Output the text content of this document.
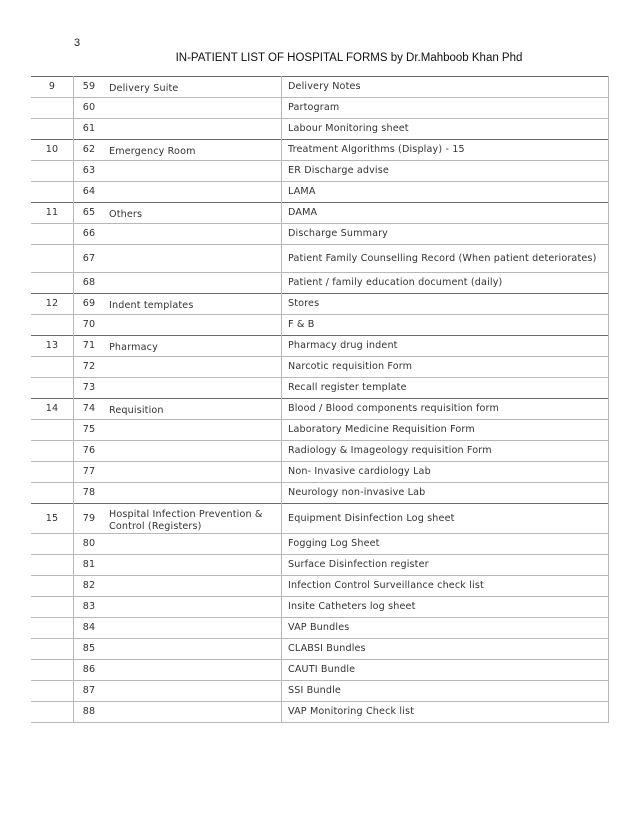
3
IN-PATIENT LIST OF HOSPITAL FORMS by Dr.Mahboob Khan Phd
9	59	Delivery Suite	Delivery Notes

	60		Partogram

	61		Labour Monitoring sheet

10	62	Emergency Room	Treatment Algorithms (Display) - 15

	63		ER Discharge advise

	64		LAMA

11	65	Others	DAMA

	66		Discharge Summary

	67		Patient Family Counselling Record (When patient deteriorates)

	68		Patient / family education document (daily)

12	69	Indent templates	Stores

	70		F & B

13	71	Pharmacy	Pharmacy drug indent

	72		Narcotic requisition Form

	73		Recall register template

14	74	Requisition	Blood / Blood components requisition form

	75		Laboratory Medicine Requisition Form

	76		Radiology & Imageology requisition Form

	77		Non- Invasive cardiology Lab

	78		Neurology non-invasive Lab

15	79	Hospital Infection Prevention & Control (Registers)	Equipment Disinfection Log sheet

	80		Fogging Log Sheet

	81		Surface Disinfection register

	82		Infection Control Surveillance check list

	83		Insite Catheters log sheet

	84		VAP Bundles

	85		CLABSI Bundles

	86		CAUTI Bundle

	87		SSI Bundle

	88		VAP Monitoring Check list
